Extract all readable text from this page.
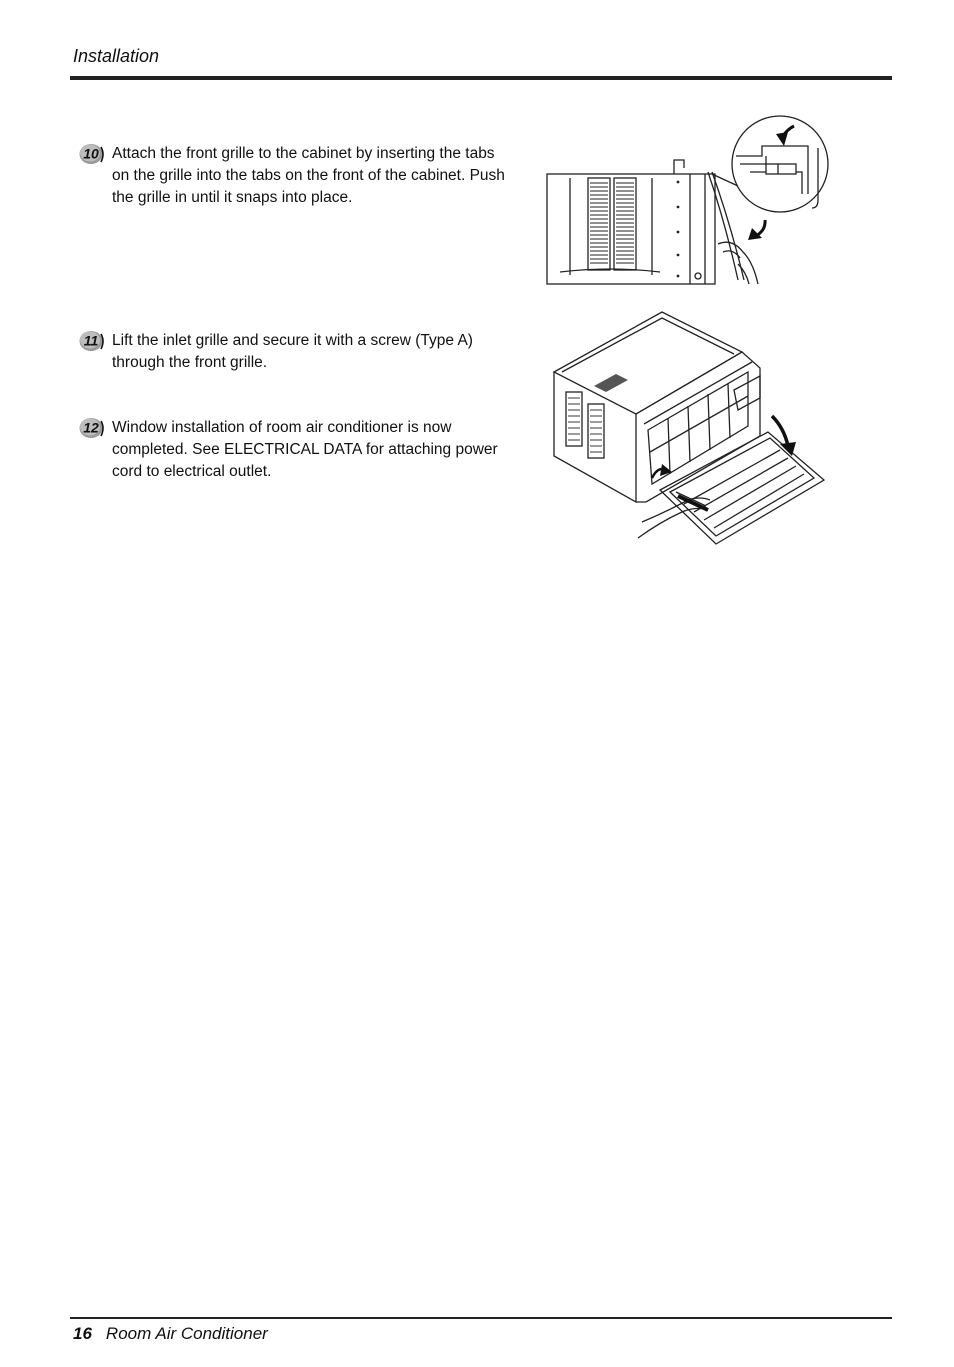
Installation
10 Attach the front grille to the cabinet by inserting the tabs on the grille into the tabs on the front of the cabinet. Push the grille in until it snaps into place.
11 Lift the inlet grille and secure it with a screw (Type A) through the front grille.
12 Window installation of room air conditioner is now completed. See ELECTRICAL DATA for attaching power cord to electrical outlet.
16 Room Air Conditioner
